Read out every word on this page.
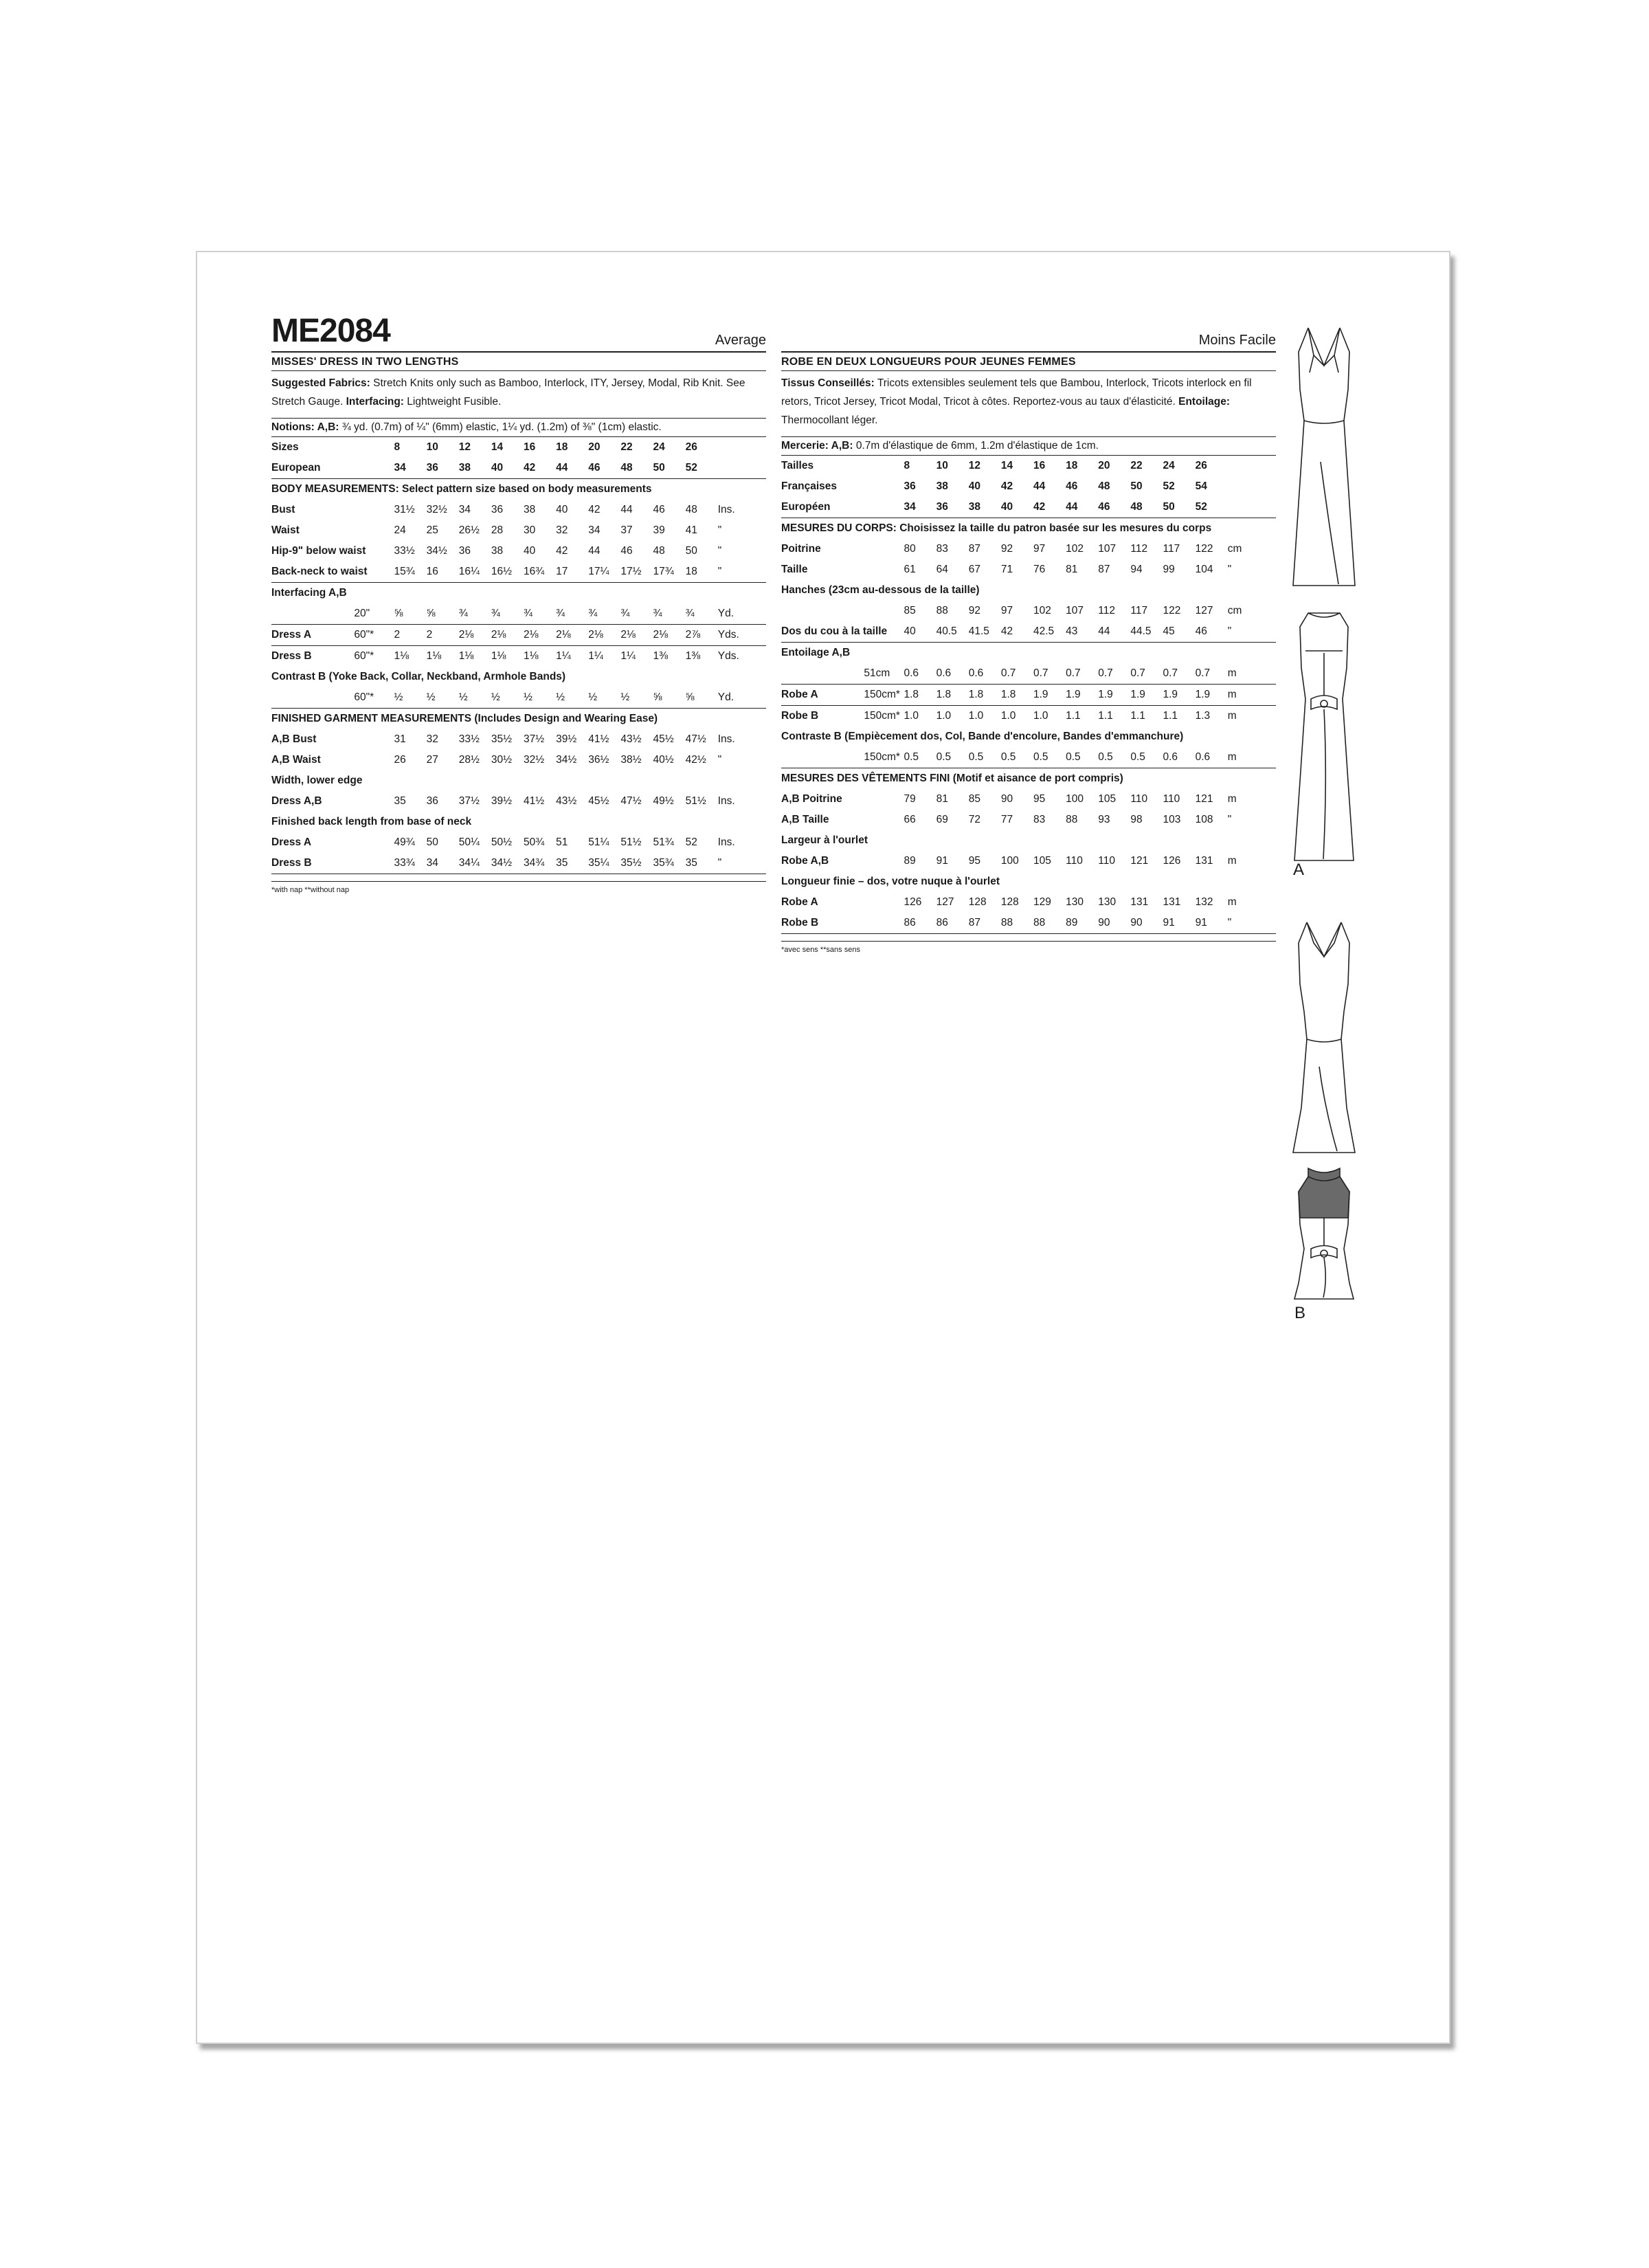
ME2084	Average
MISSES' DRESS IN TWO LENGTHS
Suggested Fabrics: Stretch Knits only such as Bamboo, Interlock, ITY, Jersey, Modal, Rib Knit. See Stretch Gauge. Interfacing: Lightweight Fusible.
Notions: A,B: ¾ yd. (0.7m) of ¼" (6mm) elastic, 1¼ yd. (1.2m) of ⅜" (1cm) elastic.
Sizes		8	10	12	14	16	18	20	22	24	26	
European		34	36	38	40	42	44	46	48	50	52	
BODY MEASUREMENTS: Select pattern size based on body measurements												
Bust		31½	32½	34	36	38	40	42	44	46	48	Ins.
Waist		24	25	26½	28	30	32	34	37	39	41	"
Hip-9" below waist		33½	34½	36	38	40	42	44	46	48	50	"
Back-neck to waist		15¾	16	16¼	16½	16¾	17	17¼	17½	17¾	18	"
Interfacing A,B												
	20"	⅝	⅝	¾	¾	¾	¾	¾	¾	¾	¾	Yd.
Dress A	60"*	2	2	2⅛	2⅛	2⅛	2⅛	2⅛	2⅛	2⅛	2⅞	Yds.
Dress B	60"*	1⅛	1⅛	1⅛	1⅛	1⅛	1¼	1¼	1¼	1⅜	1⅜	Yds.
Contrast B (Yoke Back, Collar, Neckband, Armhole Bands)												
	60"*	½	½	½	½	½	½	½	½	⅝	⅝	Yd.
FINISHED GARMENT MEASUREMENTS (Includes Design and Wearing Ease)												
A,B Bust		31	32	33½	35½	37½	39½	41½	43½	45½	47½	Ins.
A,B Waist		26	27	28½	30½	32½	34½	36½	38½	40½	42½	"
Width, lower edge												
Dress A,B		35	36	37½	39½	41½	43½	45½	47½	49½	51½	Ins.
Finished back length from base of neck												
Dress A		49¾	50	50¼	50½	50¾	51	51¼	51½	51¾	52	Ins.
Dress B		33¾	34	34¼	34½	34¾	35	35¼	35½	35¾	35	"
*with nap **without nap
Moins Facile
ROBE EN DEUX LONGUEURS POUR JEUNES FEMMES
Tissus Conseillés: Tricots extensibles seulement tels que Bambou, Interlock, Tricots interlock en fil retors, Tricot Jersey, Tricot Modal, Tricot à côtes. Reportez-vous au taux d'élasticité. Entoilage: Thermocollant léger.
Mercerie: A,B: 0.7m d'élastique de 6mm, 1.2m d'élastique de 1cm.
Tailles		8	10	12	14	16	18	20	22	24	26	
Françaises		36	38	40	42	44	46	48	50	52	54	
Européen		34	36	38	40	42	44	46	48	50	52	
MESURES DU CORPS: Choisissez la taille du patron basée sur les mesures du corps												
Poitrine		80	83	87	92	97	102	107	112	117	122	cm
Taille		61	64	67	71	76	81	87	94	99	104	"
Hanches (23cm au-dessous de la taille)												
		85	88	92	97	102	107	112	117	122	127	cm
Dos du cou à la taille		40	40.5	41.5	42	42.5	43	44	44.5	45	46	"
Entoilage A,B												
	51cm	0.6	0.6	0.6	0.7	0.7	0.7	0.7	0.7	0.7	0.7	m
Robe A	150cm*	1.8	1.8	1.8	1.8	1.9	1.9	1.9	1.9	1.9	1.9	m
Robe B	150cm*	1.0	1.0	1.0	1.0	1.0	1.1	1.1	1.1	1.1	1.3	m
Contraste B (Empiècement dos, Col, Bande d'encolure, Bandes d'emmanchure)												
	150cm*	0.5	0.5	0.5	0.5	0.5	0.5	0.5	0.5	0.6	0.6	m
MESURES DES VÊTEMENTS FINI (Motif et aisance de port compris)												
A,B Poitrine		79	81	85	90	95	100	105	110	110	121	m
A,B Taille		66	69	72	77	83	88	93	98	103	108	"
Largeur à l'ourlet												
Robe A,B		89	91	95	100	105	110	110	121	126	131	m
Longueur finie – dos, votre nuque à l'ourlet												
Robe A		126	127	128	128	129	130	130	131	131	132	m
Robe B		86	86	87	88	88	89	90	90	91	91	"
*avec sens **sans sens
A
B
